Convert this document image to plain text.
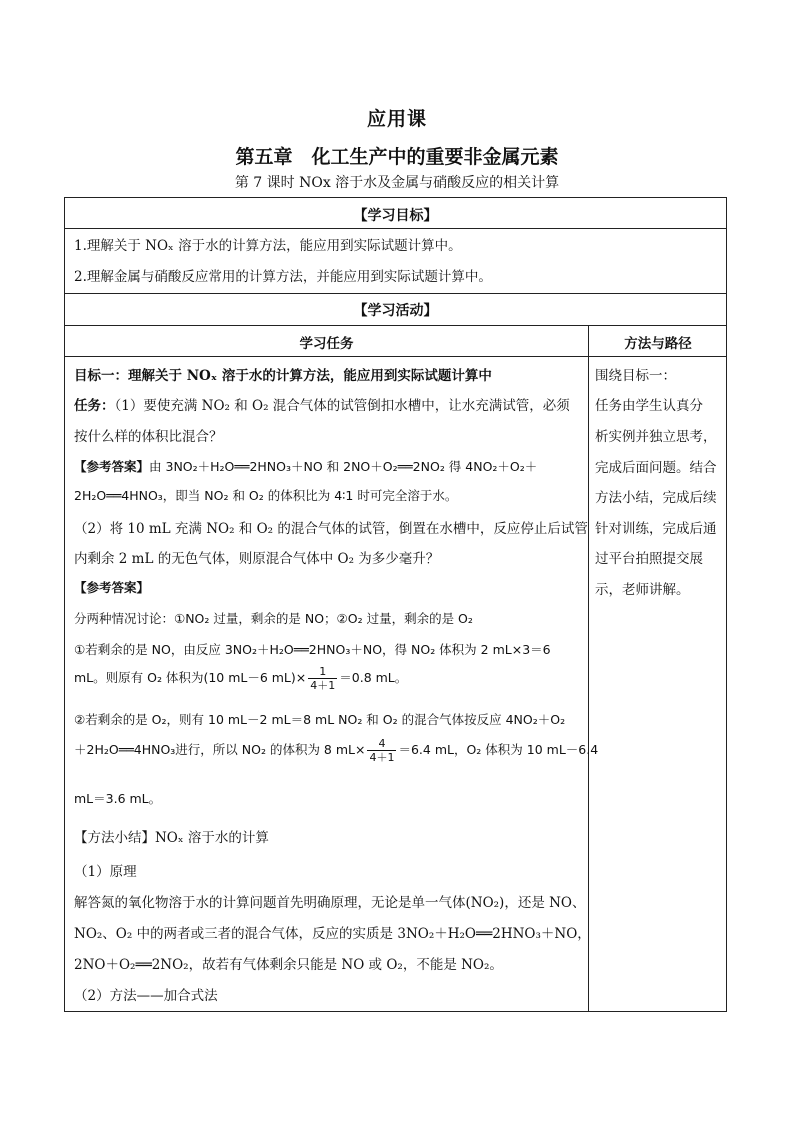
应用课
第五章　化工生产中的重要非金属元素
第 7 课时 NOx 溶于水及金属与硝酸反应的相关计算
【学习目标】
1.理解关于 NOₓ 溶于水的计算方法，能应用到实际试题计算中。
2.理解金属与硝酸反应常用的计算方法，并能应用到实际试题计算中。
【学习活动】
学习任务	方法与路径
目标一：理解关于 NOₓ 溶于水的计算方法，能应用到实际试题计算中
任务：（1）要使充满 NO₂ 和 O₂ 混合气体的试管倒扣水槽中，让水充满试管，必须
按什么样的体积比混合？
【参考答案】由 3NO₂＋H₂O══2HNO₃＋NO 和 2NO＋O₂══2NO₂ 得 4NO₂＋O₂＋
2H₂O══4HNO₃，即当 NO₂ 和 O₂ 的体积比为 4∶1 时可完全溶于水。
（2）将 10 mL 充满 NO₂ 和 O₂ 的混合气体的试管，倒置在水槽中，反应停止后试管
内剩余 2 mL 的无色气体，则原混合气体中 O₂ 为多少毫升？
【参考答案】
分两种情况讨论：①NO₂ 过量，剩余的是 NO；②O₂ 过量，剩余的是 O₂
①若剩余的是 NO，由反应 3NO₂＋H₂O══2HNO₃＋NO，得 NO₂ 体积为 2 mL×3＝6
mL。则原有 O₂ 体积为(10 mL－6 $mL)\times \frac{1}{4+1} =0.8$ mL。
②若剩余的是 O₂，则有 10 mL－2 mL＝8 mL NO₂ 和 O₂ 的混合气体按反应 4NO₂＋O₂
＋2H₂O══4HNO₃进行，所以 NO₂ 的体积为 8 $mL\times \frac{4}{4+1} =6.4$ mL，O₂ 体积为 10 mL－6.4
mL＝3.6 mL。
【方法小结】NOₓ 溶于水的计算
（1）原理
解答氮的氧化物溶于水的计算问题首先明确原理，无论是单一气体(NO₂)，还是 NO、
NO₂、O₂ 中的两者或三者的混合气体，反应的实质是 3NO₂＋H₂O══2HNO₃＋NO，
2NO＋O₂══2NO₂，故若有气体剩余只能是 NO 或 O₂，不能是 NO₂。
（2）方法——加合式法
围绕目标一：
任务由学生认真分
析实例并独立思考，
完成后面问题。结合
方法小结，完成后续
针对训练，完成后通
过平台拍照提交展
示，老师讲解。
